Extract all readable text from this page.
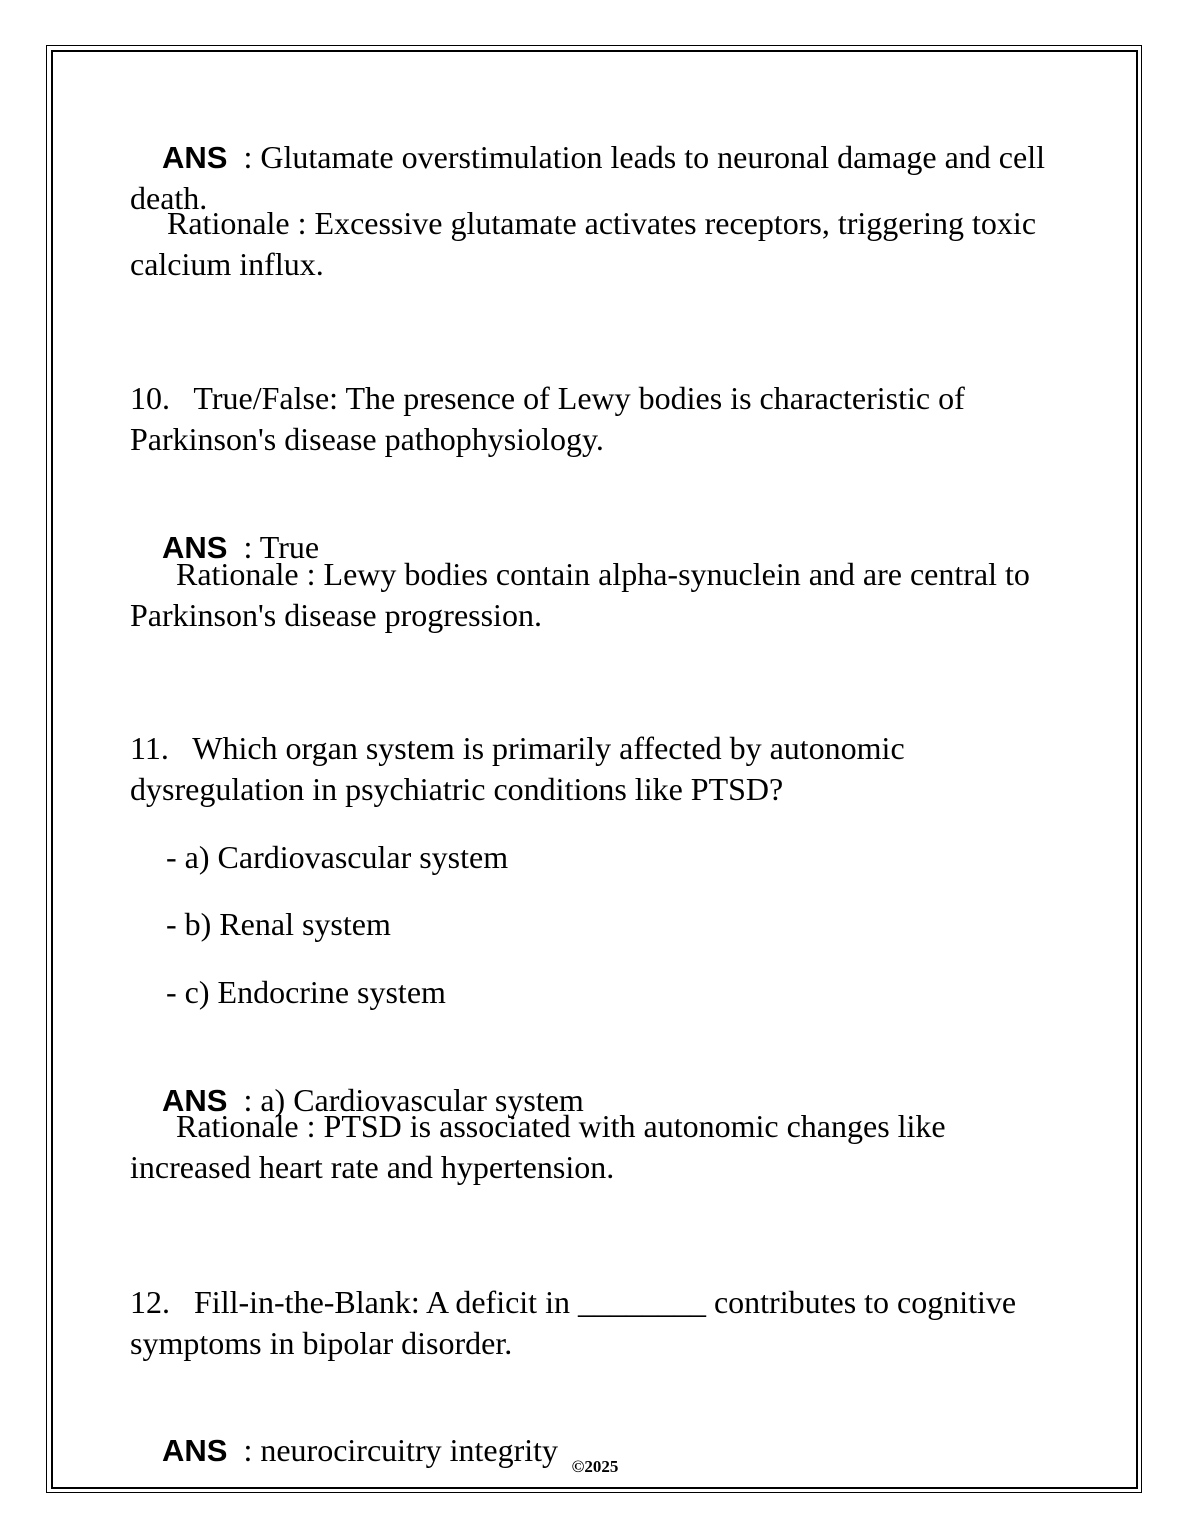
ANS : Glutamate overstimulation leads to neuronal damage and cell death.

Rationale : Excessive glutamate activates receptors, triggering toxic calcium influx.
10.   True/False: The presence of Lewy bodies is characteristic of Parkinson's disease pathophysiology.

ANS : True

Rationale : Lewy bodies contain alpha-synuclein and are central to Parkinson's disease progression.
11.   Which organ system is primarily affected by autonomic dysregulation in psychiatric conditions like PTSD?
- a) Cardiovascular system
- b) Renal system
- c) Endocrine system

ANS : a) Cardiovascular system

Rationale : PTSD is associated with autonomic changes like increased heart rate and hypertension.
12.   Fill-in-the-Blank: A deficit in ________ contributes to cognitive symptoms in bipolar disorder.

ANS : neurocircuitry integrity
©2025
